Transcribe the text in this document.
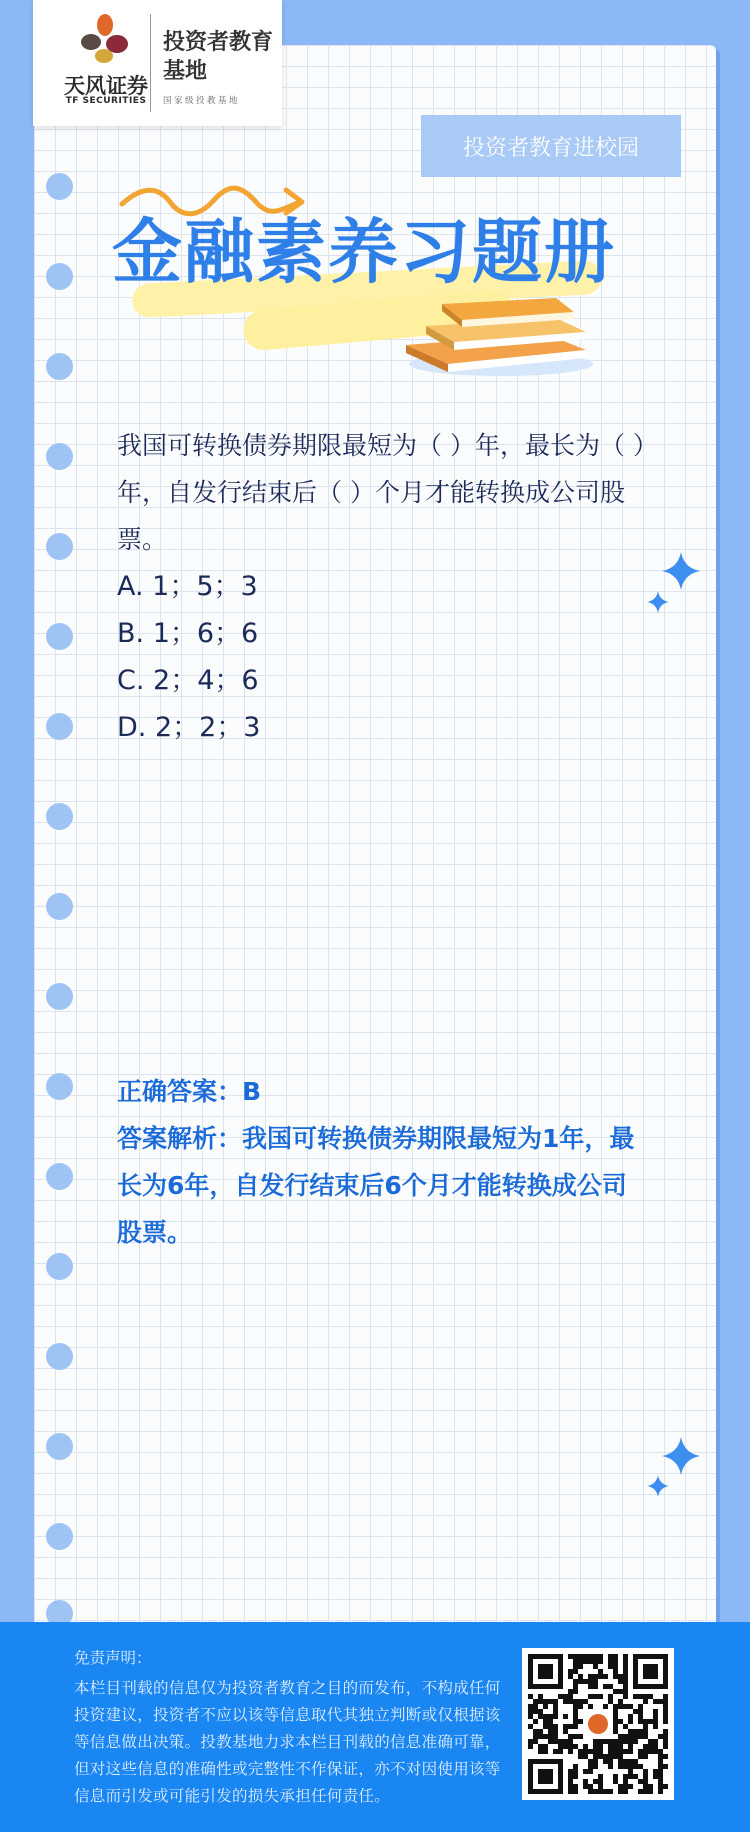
天风证券
TF SECURITIES
投资者教育基地
国家级投教基地
投资者教育进校园
金融素养习题册
我国可转换债券期限最短为（ ）年，最长为（ ）年，自发行结束后（ ）个月才能转换成公司股票。
A. 1；5；3
B. 1；6；6
C. 2；4；6
D. 2；2；3
正确答案：B
答案解析：我国可转换债券期限最短为1年，最长为6年，自发行结束后6个月才能转换成公司股票。
免责声明：
本栏目刊载的信息仅为投资者教育之目的而发布，不构成任何投资建议，投资者不应以该等信息取代其独立判断或仅根据该等信息做出决策。投教基地力求本栏目刊载的信息准确可靠，但对这些信息的准确性或完整性不作保证，亦不对因使用该等信息而引发或可能引发的损失承担任何责任。
